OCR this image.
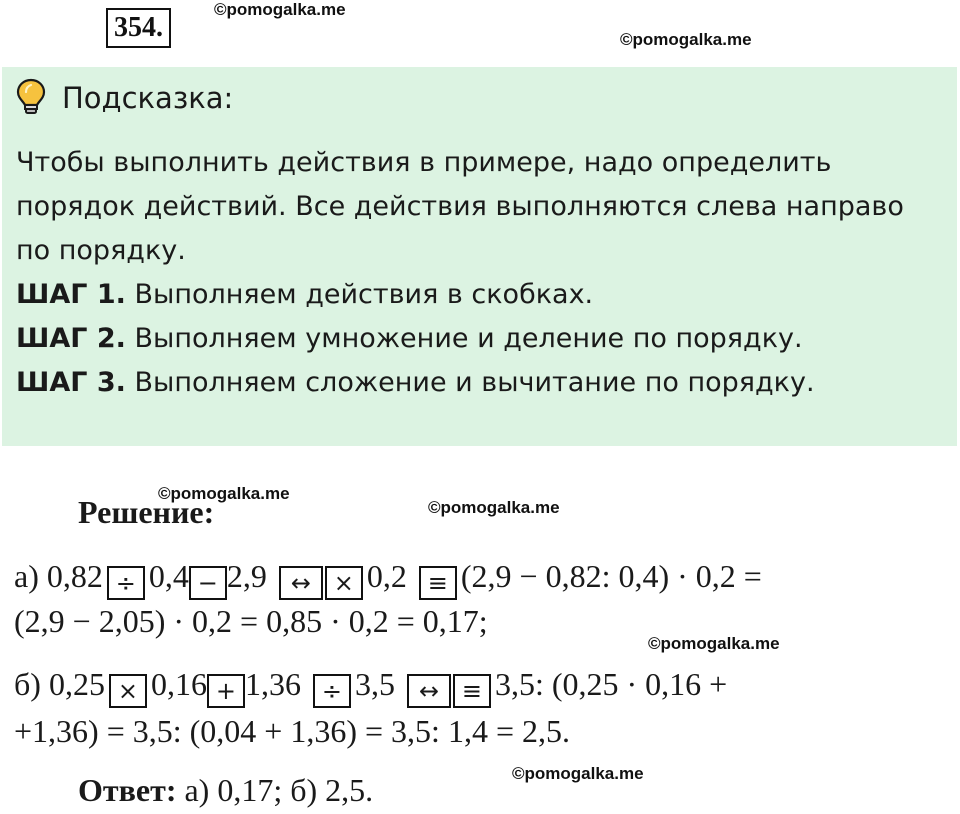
354.
©pomogalka.me
©pomogalka.me
Подсказка:
Чтобы выполнить действия в примере, надо определить
порядок действий. Все действия выполняются слева направо
по порядку.
ШАГ 1. Выполняем действия в скобках.
ШАГ 2. Выполняем умножение и деление по порядку.
ШАГ 3. Выполняем сложение и вычитание по порядку.
©pomogalka.me
©pomogalka.me
Решение:
а) 0,82 ÷ 0,4 − 2,9 ↔ × 0,2 ≡ (2,9 − 0,82: 0,4) · 0,2 =
(2,9 − 2,05) · 0,2 = 0,85 · 0,2 = 0,17;
©pomogalka.me
б) 0,25 × 0,16 + 1,36 ÷ 3,5 ↔ ≡ 3,5: (0,25 · 0,16 +
+1,36) = 3,5: (0,04 + 1,36) = 3,5: 1,4 = 2,5.
©pomogalka.me
Ответ: а) 0,17; б) 2,5.
